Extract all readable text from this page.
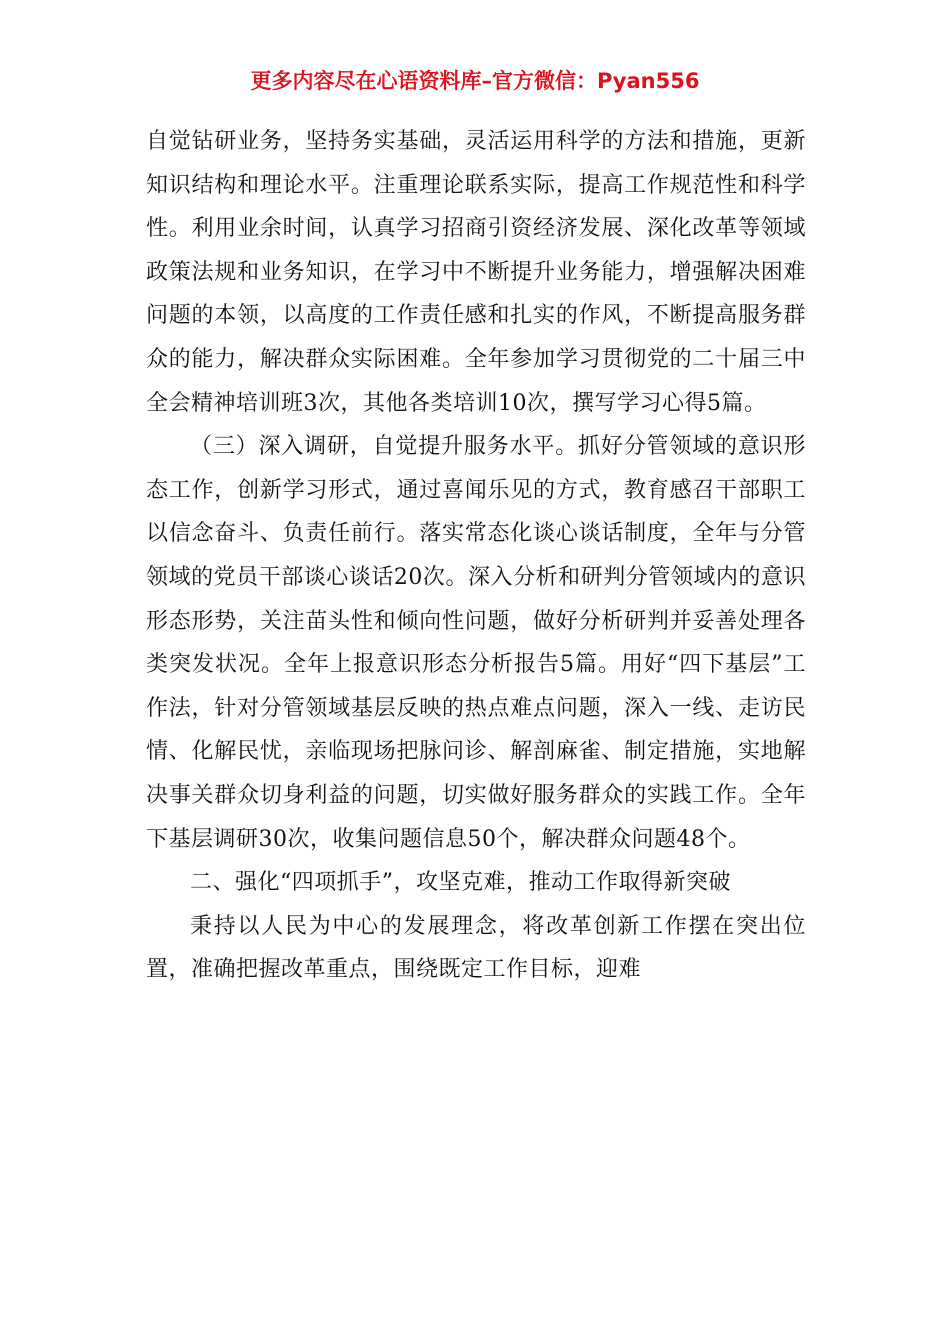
更多内容尽在心语资料库–官方微信：Pyan556

自觉钻研业务，坚持务实基础，灵活运用科学的方法和措施，更新知识结构和理论水平。注重理论联系实际，提高工作规范性和科学性。利用业余时间，认真学习招商引资经济发展、深化改革等领域政策法规和业务知识，在学习中不断提升业务能力，增强解决困难问题的本领，以高度的工作责任感和扎实的作风，不断提高服务群众的能力，解决群众实际困难。全年参加学习贯彻党的二十届三中全会精神培训班3次，其他各类培训10次，撰写学习心得5篇。

（三）深入调研，自觉提升服务水平。抓好分管领域的意识形态工作，创新学习形式，通过喜闻乐见的方式，教育感召干部职工以信念奋斗、负责任前行。落实常态化谈心谈话制度，全年与分管领域的党员干部谈心谈话20次。深入分析和研判分管领域内的意识形态形势，关注苗头性和倾向性问题，做好分析研判并妥善处理各类突发状况。全年上报意识形态分析报告5篇。用好“四下基层”工作法，针对分管领域基层反映的热点难点问题，深入一线、走访民情、化解民忧，亲临现场把脉问诊、解剖麻雀、制定措施，实地解决事关群众切身利益的问题，切实做好服务群众的实践工作。全年下基层调研30次，收集问题信息50个，解决群众问题48个。

二、强化“四项抓手”，攻坚克难，推动工作取得新突破

秉持以人民为中心的发展理念，将改革创新工作摆在突出位置，准确把握改革重点，围绕既定工作目标，迎难
